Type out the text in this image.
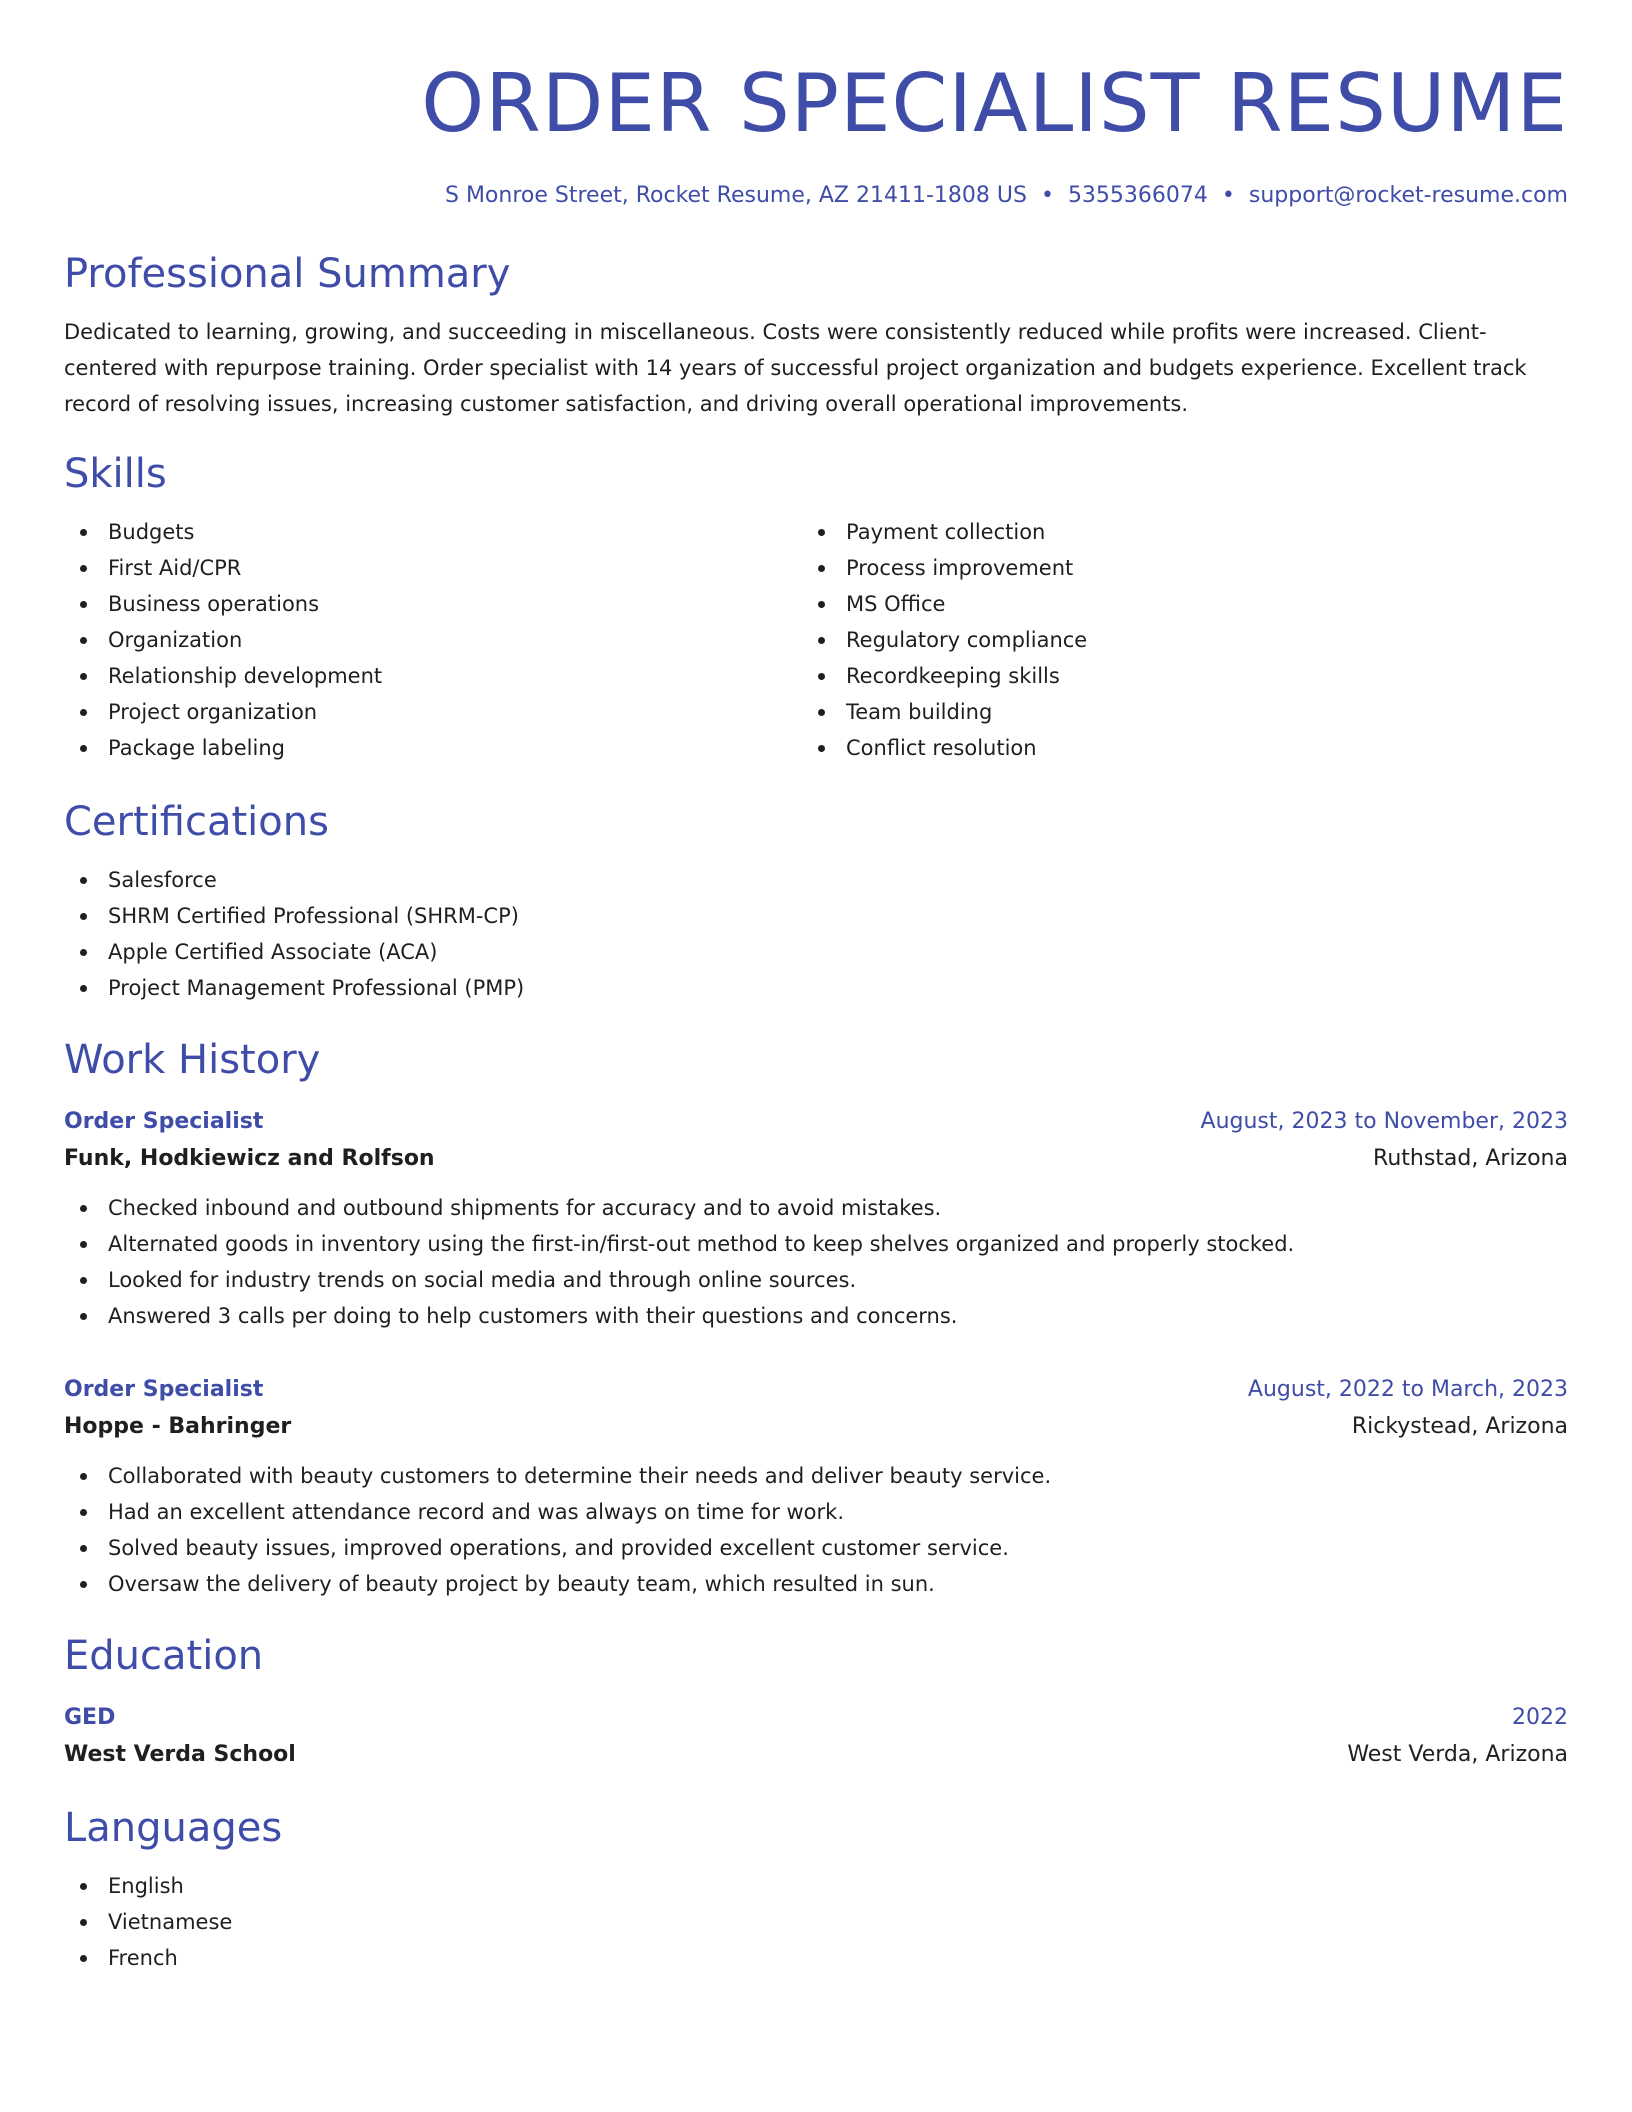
ORDER SPECIALIST RESUME
S Monroe Street, Rocket Resume, AZ 21411-1808 US • 5355366074 • support@rocket-resume.com
Professional Summary

Dedicated to learning, growing, and succeeding in miscellaneous. Costs were consistently reduced while profits were increased. Client-centered with repurpose training. Order specialist with 14 years of successful project organization and budgets experience. Excellent track record of resolving issues, increasing customer satisfaction, and driving overall operational improvements.

Skills
Budgets
First Aid/CPR
Business operations
Organization
Relationship development
Project organization
Package labeling
Payment collection
Process improvement
MS Office
Regulatory compliance
Recordkeeping skills
Team building
Conflict resolution
Certifications
Salesforce
SHRM Certified Professional (SHRM-CP)
Apple Certified Associate (ACA)
Project Management Professional (PMP)
Work History
Order Specialist	August, 2023 to November, 2023
Funk, Hodkiewicz and Rolfson	Ruthstad, Arizona
Checked inbound and outbound shipments for accuracy and to avoid mistakes.
Alternated goods in inventory using the first-in/first-out method to keep shelves organized and properly stocked.
Looked for industry trends on social media and through online sources.
Answered 3 calls per doing to help customers with their questions and concerns.
Order Specialist	August, 2022 to March, 2023
Hoppe - Bahringer	Rickystead, Arizona
Collaborated with beauty customers to determine their needs and deliver beauty service.
Had an excellent attendance record and was always on time for work.
Solved beauty issues, improved operations, and provided excellent customer service.
Oversaw the delivery of beauty project by beauty team, which resulted in sun.
Education
GED	2022
West Verda School	West Verda, Arizona
Languages
English
Vietnamese
French
